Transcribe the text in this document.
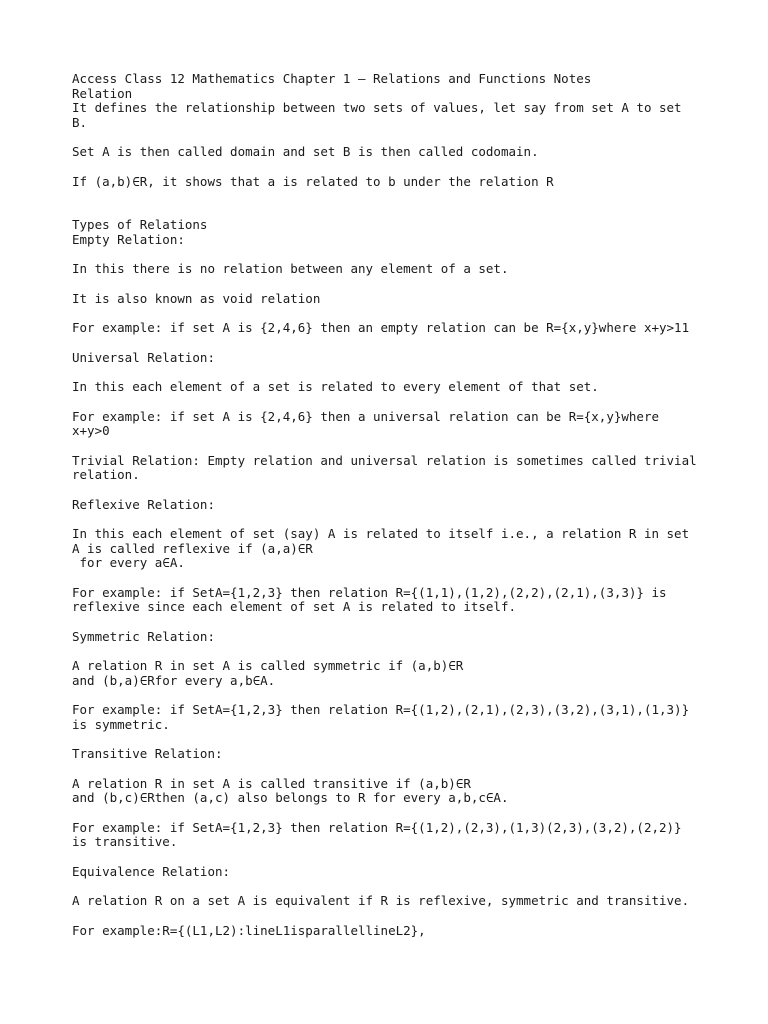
Access Class 12 Mathematics Chapter 1 – Relations and Functions Notes
Relation
It defines the relationship between two sets of values, let say from set A to set
B.
Set A is then called domain and set B is then called codomain.
If (a,b)∈R, it shows that a is related to b under the relation R
Types of Relations
Empty Relation:
In this there is no relation between any element of a set.
It is also known as void relation
For example: if set A is {2,4,6} then an empty relation can be R={x,y}where x+y>11
Universal Relation:
In this each element of a set is related to every element of that set.
For example: if set A is {2,4,6} then a universal relation can be R={x,y}where
x+y>0
Trivial Relation: Empty relation and universal relation is sometimes called trivial
relation.
Reflexive Relation:
In this each element of set (say) A is related to itself i.e., a relation R in set
A is called reflexive if (a,a)∈R
for every a∈A.
For example: if SetA={1,2,3} then relation R={(1,1),(1,2),(2,2),(2,1),(3,3)} is
reflexive since each element of set A is related to itself.
Symmetric Relation:
A relation R in set A is called symmetric if (a,b)∈R
and (b,a)∈Rfor every a,b∈A.
For example: if SetA={1,2,3} then relation R={(1,2),(2,1),(2,3),(3,2),(3,1),(1,3)}
is symmetric.
Transitive Relation:
A relation R in set A is called transitive if (a,b)∈R
and (b,c)∈Rthen (a,c) also belongs to R for every a,b,c∈A.
For example: if SetA={1,2,3} then relation R={(1,2),(2,3),(1,3)(2,3),(3,2),(2,2)}
is transitive.
Equivalence Relation:
A relation R on a set A is equivalent if R is reflexive, symmetric and transitive.
For example:R={(L1,L2):lineL1isparallellineL2},
